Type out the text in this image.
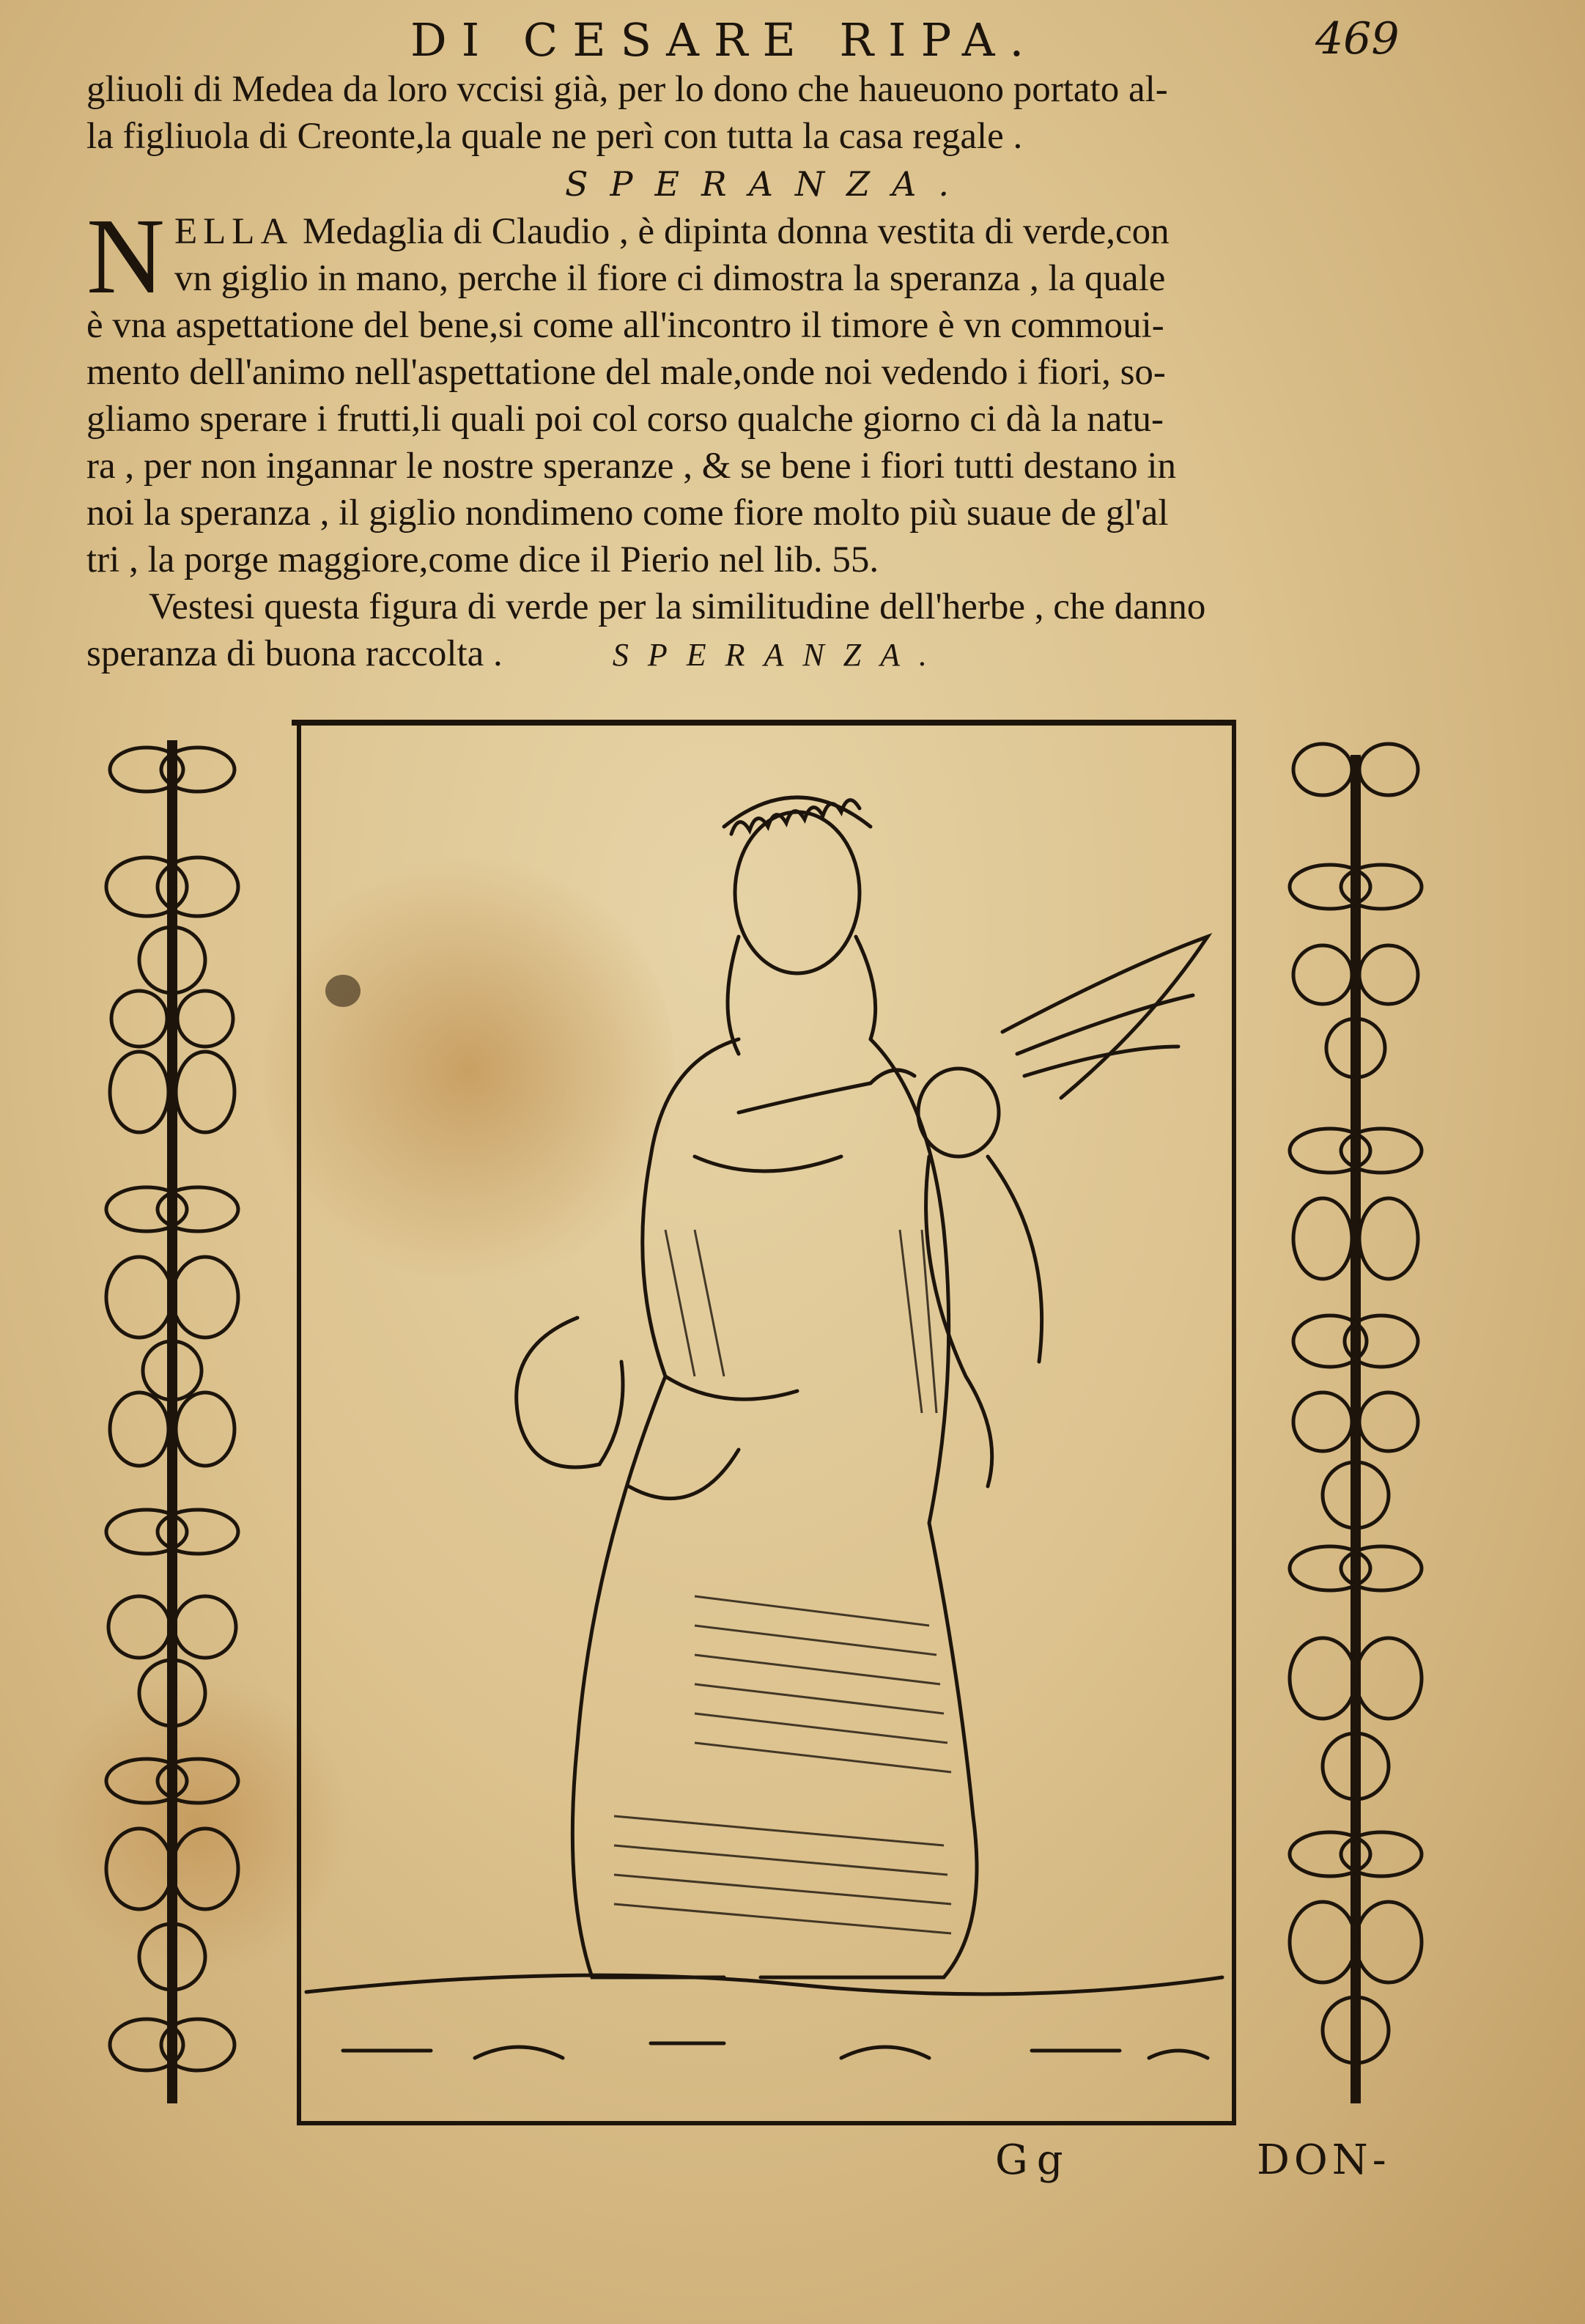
DI CESARE RIPA.	469
gliuoli di Medea da loro vccisi già, per lo dono che haueuono portato al-
la figliuola di Creonte,la quale ne perì con tutta la casa regale .
SPERANZA.
N ELLA Medaglia di Claudio , è dipinta donna vestita di verde,con
vn giglio in mano, perche il fiore ci dimostra la speranza , la quale
è vna aspettatione del bene,si come all'incontro il timore è vn commoui-
mento dell'animo nell'aspettatione del male,onde noi vedendo i fiori, so-
gliamo sperare i frutti,li quali poi col corso qualche giorno ci dà la natu-
ra , per non ingannar le nostre speranze , & se bene i fiori tutti destano in
noi la speranza , il giglio nondimeno come fiore molto più suaue de gl'al
tri , la porge maggiore,come dice il Pierio nel lib. 55.
Vestesi questa figura di verde per la similitudine dell'herbe , che danno
speranza di buona raccolta .	SPERANZA.
Gg	DON-
